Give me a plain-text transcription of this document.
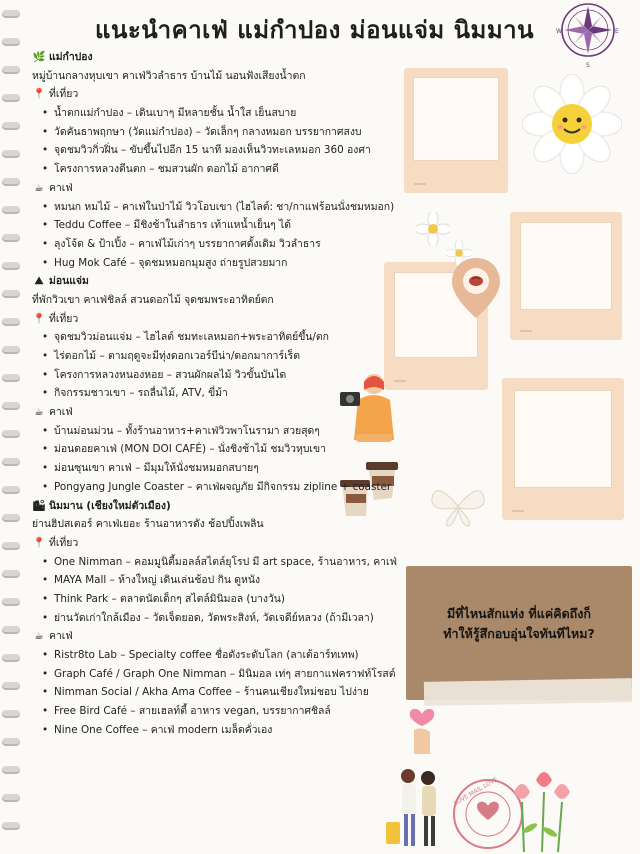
แนะนำคาเฟ่ แม่กำปอง ม่อนแจ่ม นิมมาน	W	E
S
มีที่ไหนสักแห่ง ที่แค่คิดถึงก็
ทำให้รู้สึกอบอุ่นใจทันทีไหม?
LOVE MAIL LOVE
🌿 แม่กำปอง
หมู่บ้านกลางหุบเขา คาเฟ่วิวลำธาร บ้านไม้ นอนฟังเสียงน้ำตก
📍 ที่เที่ยว
• น้ำตกแม่กำปอง – เดินเบาๆ มีหลายชั้น น้ำใส เย็นสบาย
• วัดคันธาพฤกษา (วัดแม่กำปอง) – วัดเล็กๆ กลางหมอก บรรยากาศสงบ
• จุดชมวิวกิ่วฝิ่น – ขับขึ้นไปอีก 15 นาที มองเห็นวิวทะเลหมอก 360 องศา
• โครงการหลวงตีนตก – ชมสวนผัก ดอกไม้ อากาศดี
☕ คาเฟ่
• หมนก หมไม้ – คาเฟ่ในป่าไม้ วิวโอบเขา (ไฮไลต์: ชา/กาแฟร้อนนั่งชมหมอก)
• Teddu Coffee – มีชิงช้าในลำธาร เท้าแหน้ำเย็นๆ ได้
• ลุงโจ้ด & ป้าเปิ้ง – คาเฟ่ไม้เก่าๆ บรรยากาศดั้งเดิม วิวลำธาร
• Hug Mok Café – จุดชมหมอกมุมสูง ถ่ายรูปสวยมาก
⛰ ม่อนแจ่ม
ที่พักวิวเขา คาเฟ่ชิลล์ สวนดอกไม้ จุดชมพระอาทิตย์ตก
📍 ที่เที่ยว
• จุดชมวิวม่อนแจ่ม – ไฮไลต์ ชมทะเลหมอก+พระอาทิตย์ขึ้น/ตก
• ไร่ดอกไม้ – ตามฤดูจะมีทุ่งดอกเวอร์บีน่า/ดอกมาการ์เร็ต
• โครงการหลวงหนองหอย – สวนผักผลไม้ วิวขั้นบันได
• กิจกรรมชาวเขา – รถลื่นไม้, ATV, ขี่ม้า
☕ คาเฟ่
• บ้านม่อนม่วน – ทั้งร้านอาหาร+คาเฟ่วิวพาโนรามา สวยสุดๆ
• ม่อนดอยคาเฟ่ (MON DOI CAFÉ) – นั่งชิงช้าไม้ ชมวิวหุบเขา
• ม่อนซุนเขา คาเฟ่ – มีมุมให้นั่งชมหมอกสบายๆ
• Pongyang Jungle Coaster – คาเฟ่ผจญภัย มีกิจกรรม zipline + coaster
🏙 นิมมาน (เชียงใหม่ตัวเมือง)
ย่านฮิปสเตอร์ คาเฟ่เยอะ ร้านอาหารดัง ช้อปปิ้งเพลิน
📍 ที่เที่ยว
• One Nimman – คอมมูนิตี้มอลล์สไตล์ยุโรป มี art space, ร้านอาหาร, คาเฟ่
• MAYA Mall – ห้างใหญ่ เดินเล่นช้อป กิน ดูหนัง
• Think Park – ตลาดนัดเด็กๆ สไตล์มินิมอล (บางวัน)
• ย่านวัดเก่าใกล้เมือง – วัดเจ็ดยอด, วัดพระสิงห์, วัดเจดีย์หลวง (ถ้ามีเวลา)
☕ คาเฟ่
• Ristr8to Lab – Specialty coffee ชื่อดังระดับโลก (ลาเต้อาร์ทเทพ)
• Graph Café / Graph One Nimman – มินิมอล เท่ๆ สายกาแฟคราฟท์โรสต์
• Nimman Social / Akha Ama Coffee – ร้านคนเชียงใหม่ชอบ ไปง่าย
• Free Bird Café – สายเฮลท์ตี้ อาหาร vegan, บรรยากาศชิลล์
• Nine One Coffee – คาเฟ่ modern เมล็ดคั่วเอง
